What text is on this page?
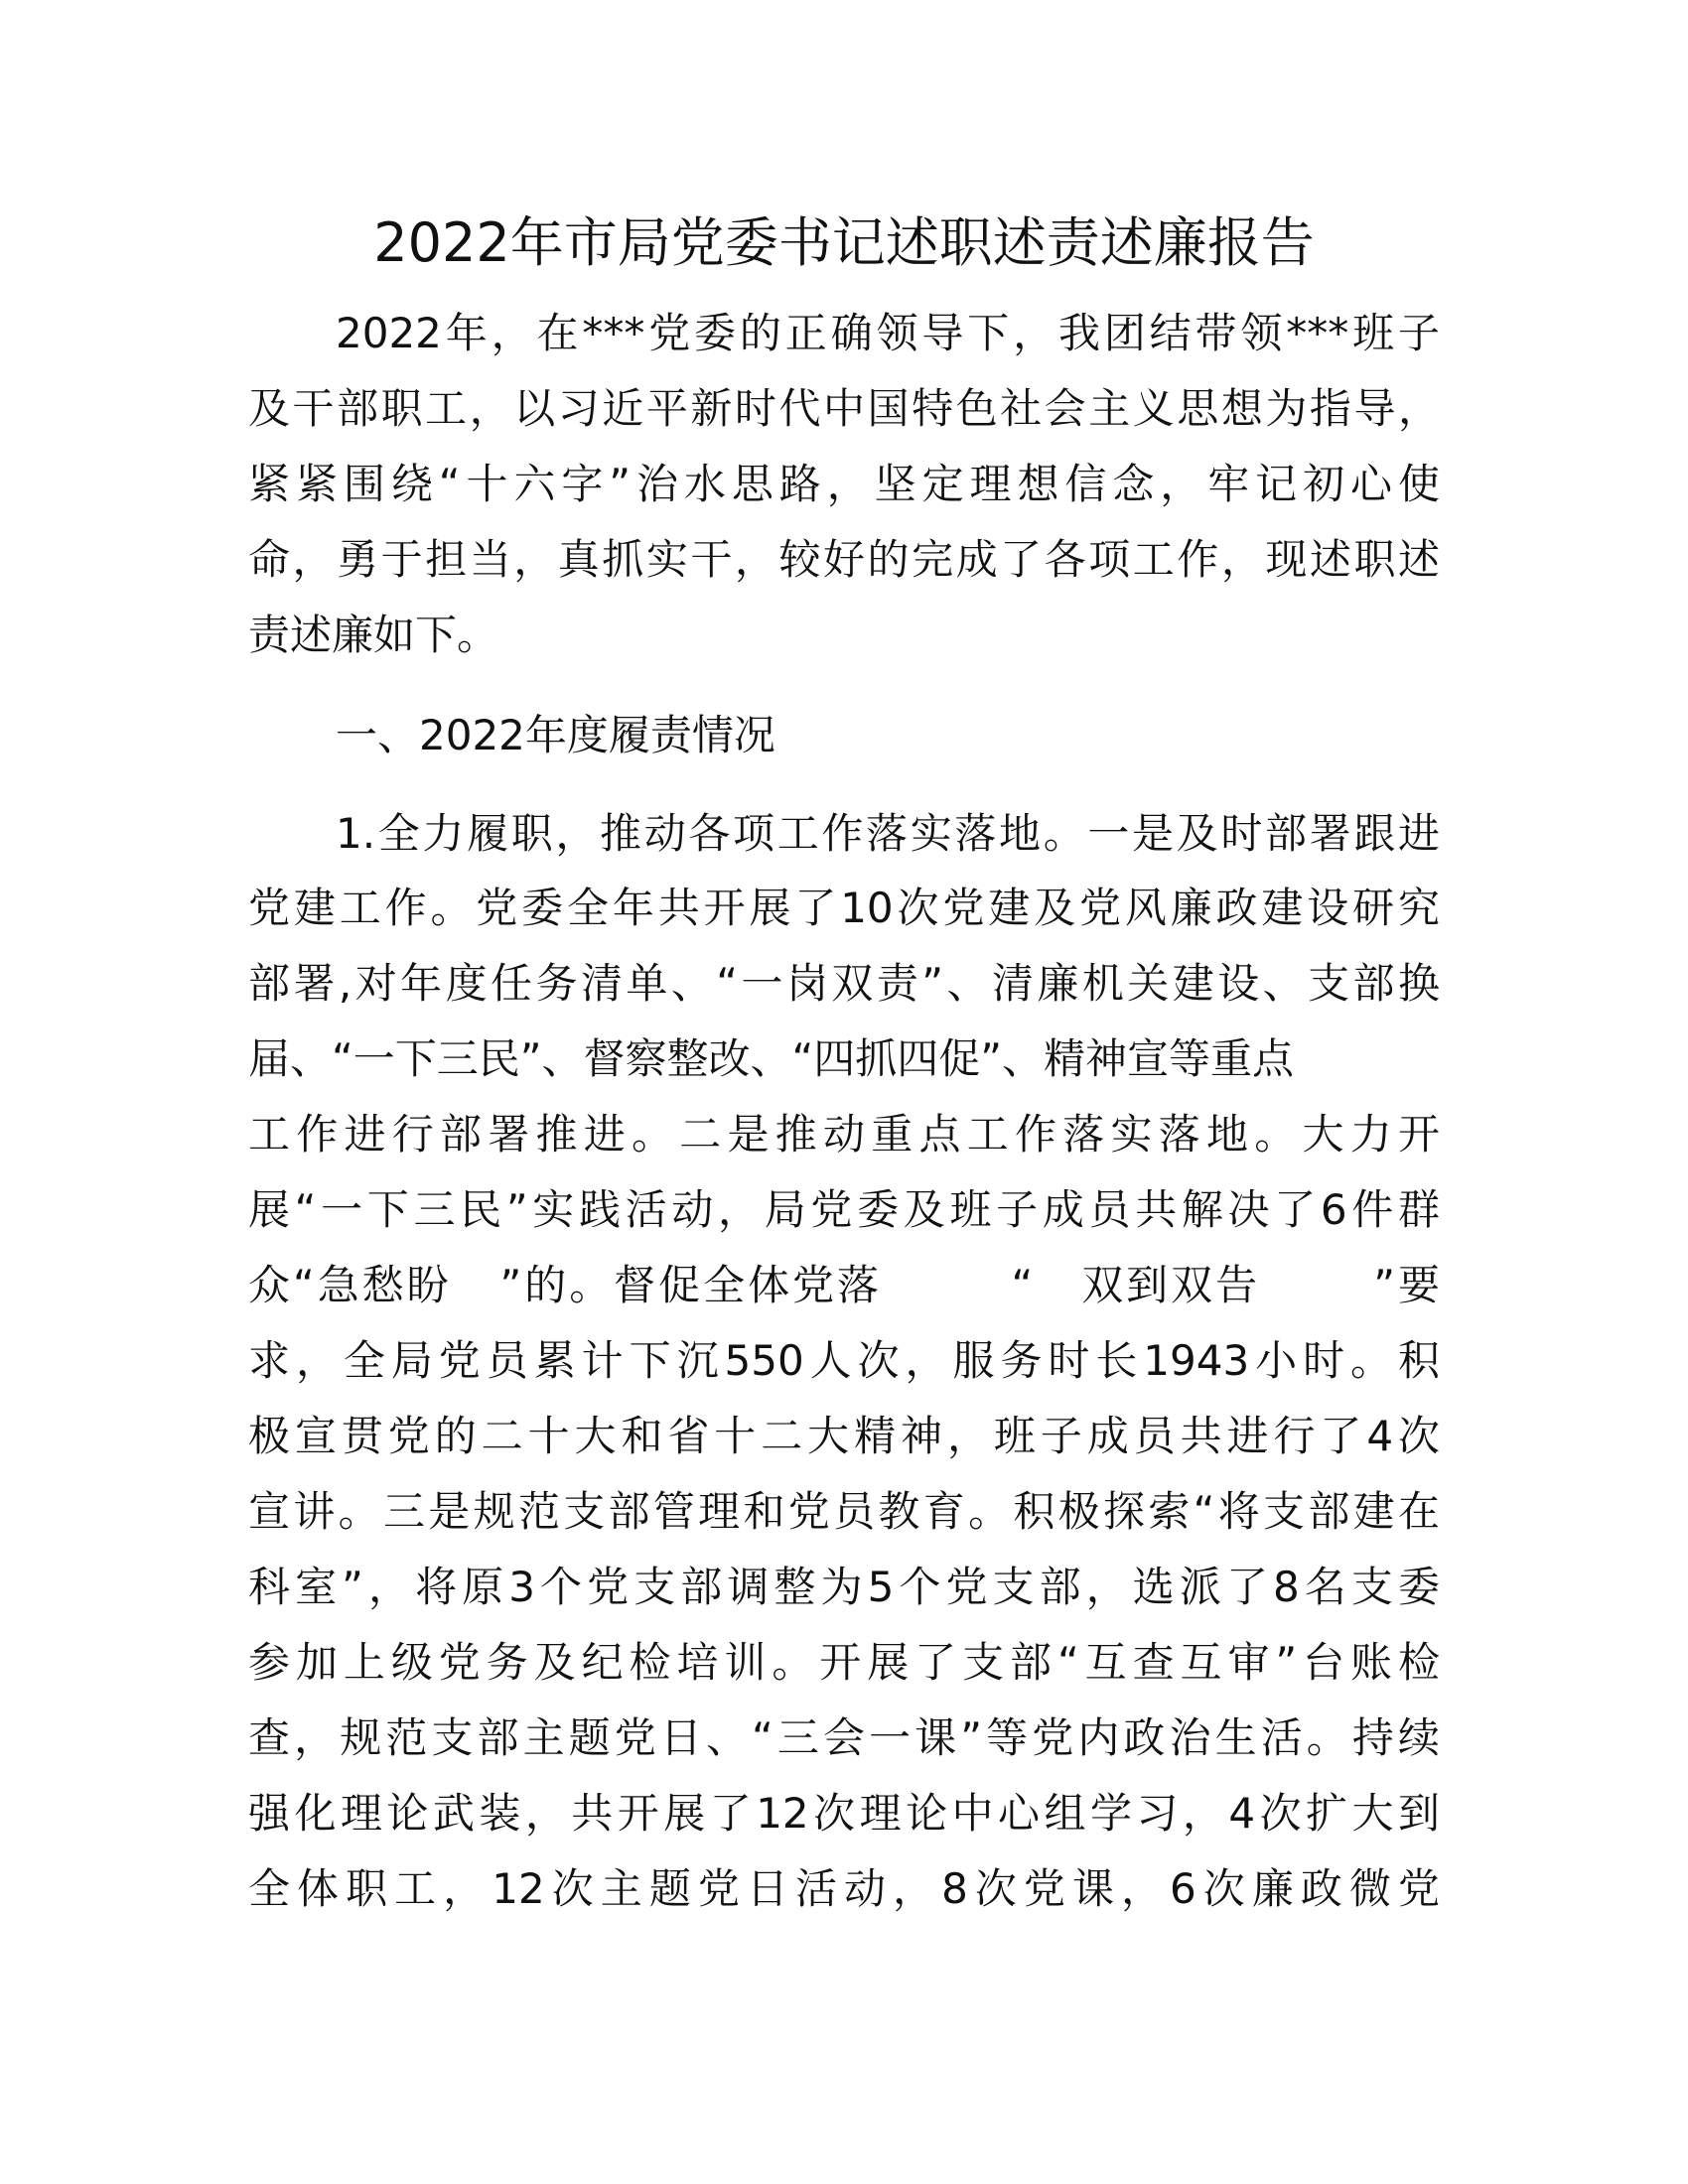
2022年市局党委书记述职述责述廉报告

2022年，在***党委的正确领导下，我团结带领***班子

及干部职工，以习近平新时代中国特色社会主义思想为指导，

紧紧围绕“十六字”治水思路，坚定理想信念，牢记初心使

命，勇于担当，真抓实干，较好的完成了各项工作，现述职述

责述廉如下。

一、2022年度履责情况

1.全力履职，推动各项工作落实落地。一是及时部署跟进

党建工作。党委全年共开展了10次党建及党风廉政建设研究

部署,对年度任务清单、“一岗双责”、清廉机关建设、支部换

届、“一下三民”、督察整改、“四抓四促”、精神宣等重点

工作进行部署推进。二是推动重点工作落实落地。大力开

展“一下三民”实践活动，局党委及班子成员共解决了6件群

众“急愁盼   ”的。督促全体党落        “   双到双告       ”要

求，全局党员累计下沉550人次，服务时长1943小时。积

极宣贯党的二十大和省十二大精神，班子成员共进行了4次

宣讲。三是规范支部管理和党员教育。积极探索“将支部建在

科室”，将原3个党支部调整为5个党支部，选派了8名支委

参加上级党务及纪检培训。开展了支部“互查互审”台账检

查，规范支部主题党日、“三会一课”等党内政治生活。持续

强化理论武装，共开展了12次理论中心组学习，4次扩大到

全体职工，12次主题党日活动，8次党课，6次廉政微党
